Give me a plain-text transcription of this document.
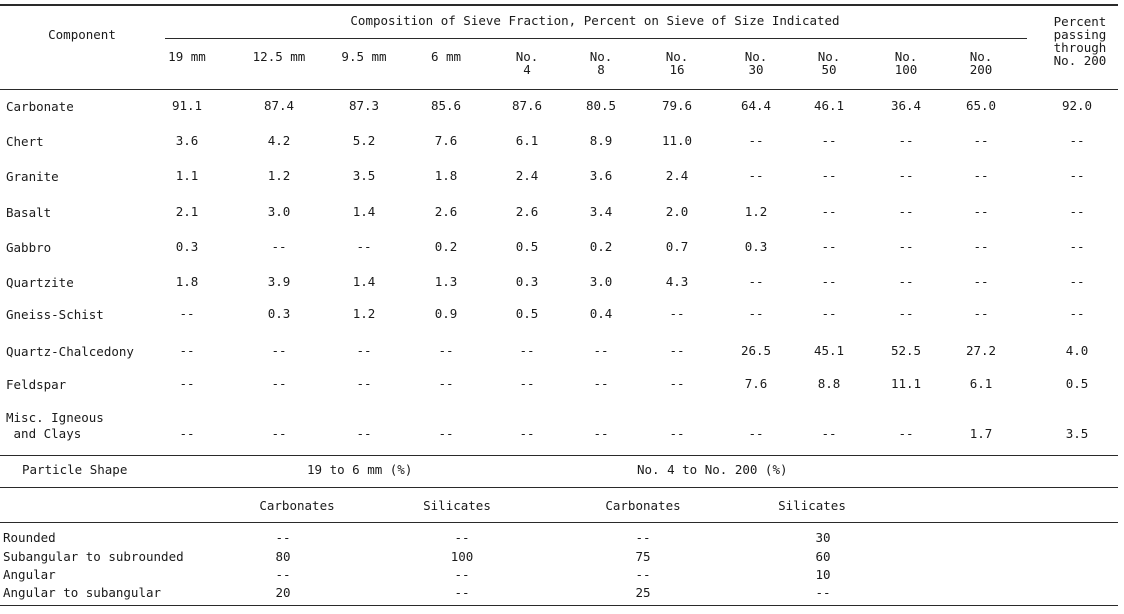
Component
Composition of Sieve Fraction, Percent on Sieve of Size Indicated	Percent
passing
through
No. 200
19 mm	12.5 mm	9.5 mm	6 mm	No.
4
No.
8
No.
16
No.
30
No.
50
No.
100
No.
200
Carbonate	91.1	87.4	87.3	85.6	87.6	80.5	79.6	64.4	46.1	36.4	65.0	92.0
Chert	3.6	4.2	5.2	7.6	6.1	8.9	11.0	--	--	--	--	--
Granite	1.1	1.2	3.5	1.8	2.4	3.6	2.4	--	--	--	--	--
Basalt	2.1	3.0	1.4	2.6	2.6	3.4	2.0	1.2	--	--	--	--
Gabbro	0.3	--	--	0.2	0.5	0.2	0.7	0.3	--	--	--	--
Quartzite	1.8	3.9	1.4	1.3	0.3	3.0	4.3	--	--	--	--	--
Gneiss-Schist	--	0.3	1.2	0.9	0.5	0.4	--	--	--	--	--	--
Quartz-Chalcedony	--	--	--	--	--	--	--	26.5	45.1	52.5	27.2	4.0
Feldspar	--	--	--	--	--	--	--	7.6	8.8	11.1	6.1	0.5
Misc. Igneous
and Clays	--	--	--	--	--	--	--	--	--	--	1.7	3.5
Particle Shape	19 to 6 mm (%)	No. 4 to No. 200 (%)
Carbonates	Silicates	Carbonates	Silicates
Rounded	--	--	--	30
Subangular to subrounded	80	100	75	60
Angular	--	--	--	10
Angular to subangular	20	--	25	--
